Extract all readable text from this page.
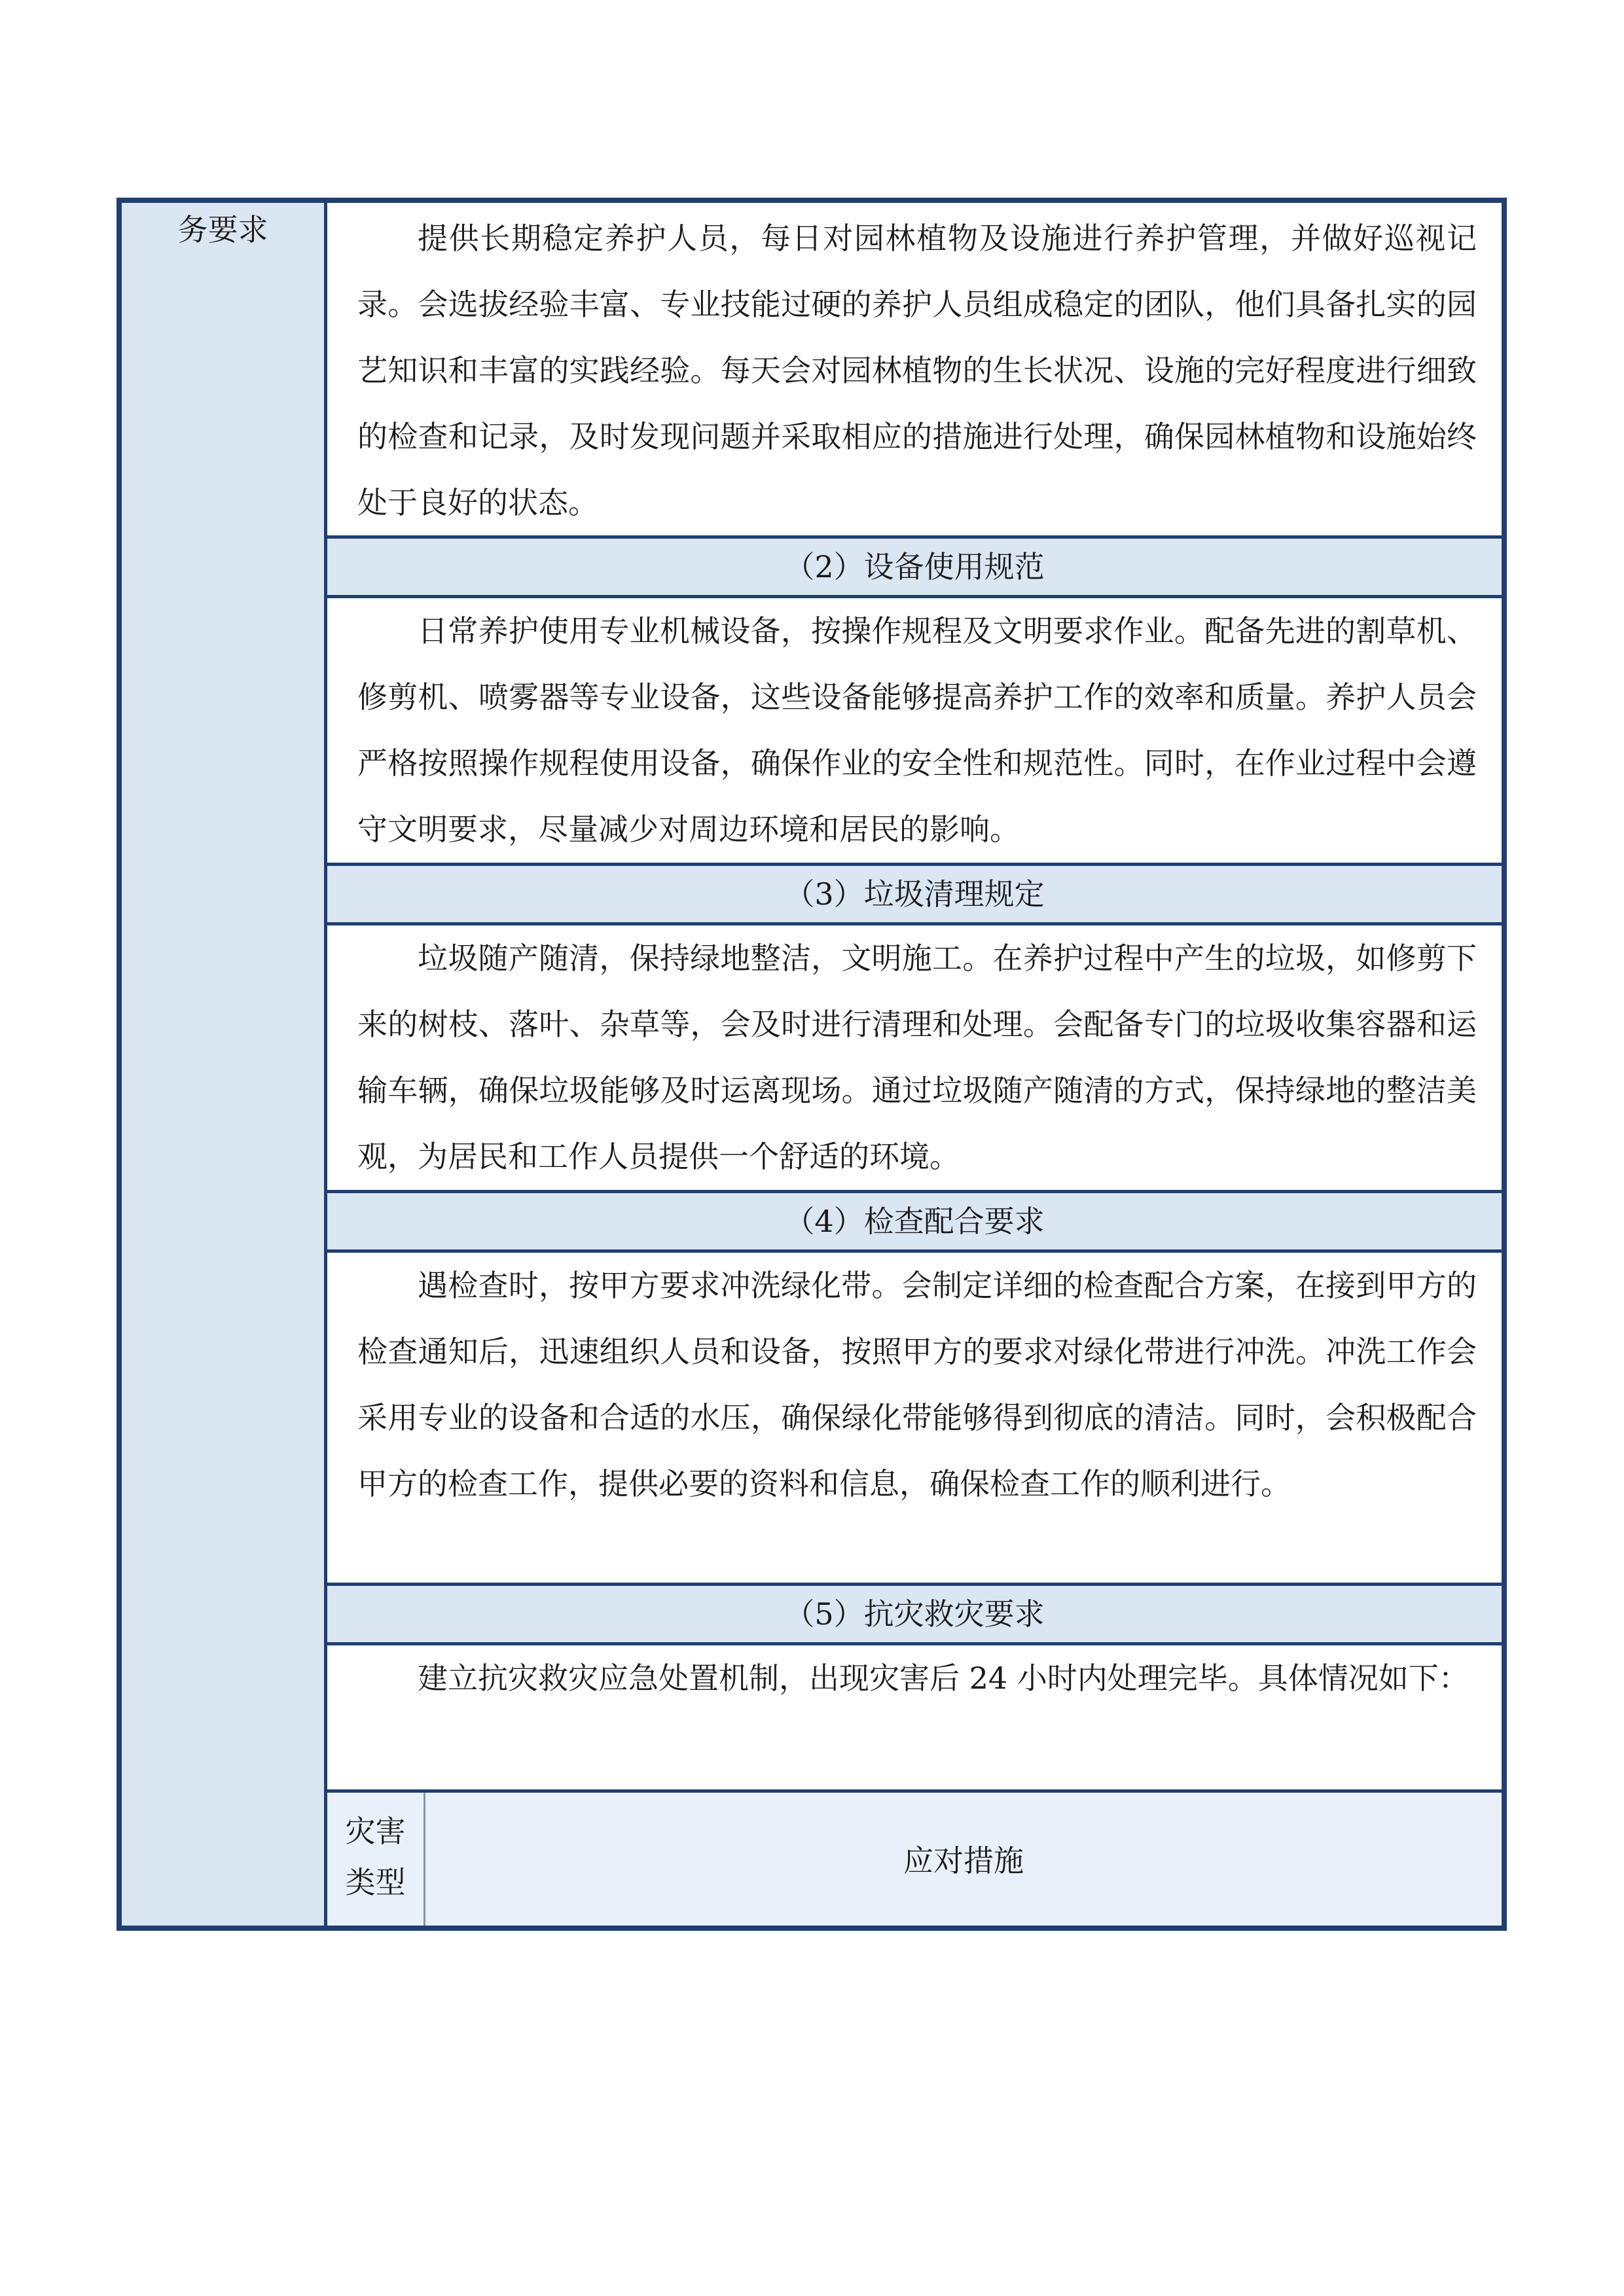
务要求	提供长期稳定养护人员，每日对园林植物及设施进行养护管理，并做好巡视记录。会选拔经验丰富、专业技能过硬的养护人员组成稳定的团队，他们具备扎实的园艺知识和丰富的实践经验。每天会对园林植物的生长状况、设施的完好程度进行细致的检查和记录，及时发现问题并采取相应的措施进行处理，确保园林植物和设施始终处于良好的状态。
（2）设备使用规范
日常养护使用专业机械设备，按操作规程及文明要求作业。配备先进的割草机、修剪机、喷雾器等专业设备，这些设备能够提高养护工作的效率和质量。养护人员会严格按照操作规程使用设备，确保作业的安全性和规范性。同时，在作业过程中会遵守文明要求，尽量减少对周边环境和居民的影响。
（3）垃圾清理规定
垃圾随产随清，保持绿地整洁，文明施工。在养护过程中产生的垃圾，如修剪下来的树枝、落叶、杂草等，会及时进行清理和处理。会配备专门的垃圾收集容器和运输车辆，确保垃圾能够及时运离现场。通过垃圾随产随清的方式，保持绿地的整洁美观，为居民和工作人员提供一个舒适的环境。
（4）检查配合要求
遇检查时，按甲方要求冲洗绿化带。会制定详细的检查配合方案，在接到甲方的检查通知后，迅速组织人员和设备，按照甲方的要求对绿化带进行冲洗。冲洗工作会采用专业的设备和合适的水压，确保绿化带能够得到彻底的清洁。同时，会积极配合甲方的检查工作，提供必要的资料和信息，确保检查工作的顺利进行。
（5）抗灾救灾要求
建立抗灾救灾应急处置机制，出现灾害后 24 小时内处理完毕。具体情况如下：
灾害
类型
应对措施
